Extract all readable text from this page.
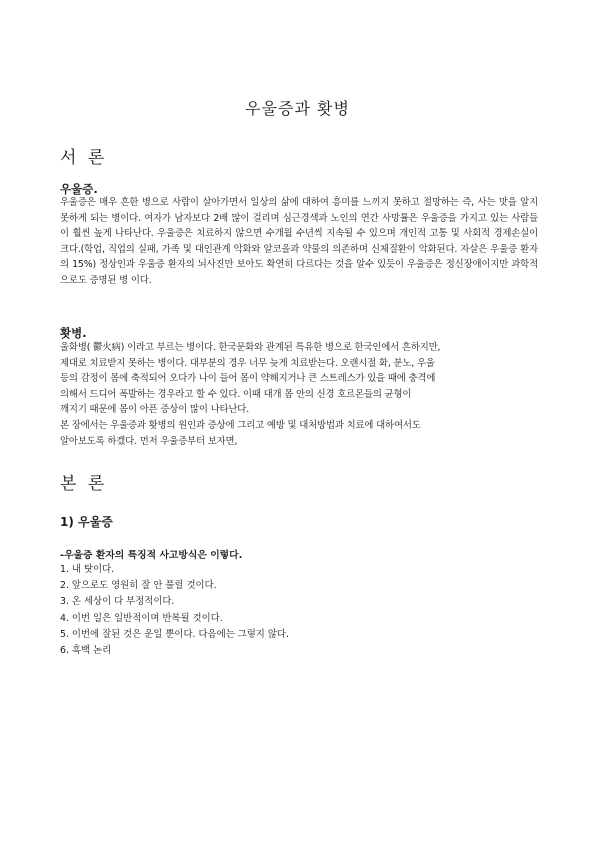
우울증과 홧병
서 론
우울증.

우울증은 매우 흔한 병으로 사람이 살아가면서 일상의 삶에 대하여 흥미를 느끼지 못하고 절망하는 즉, 사는 맛을 알지 못하게 되는 병이다. 여자가 남자보다 2배 많이 걸리며 심근경색과 노인의 연간 사망률은 우울증을 가지고 있는 사람들이 훨씬 높게 나타난다. 우울증은 치료하지 않으면 수개월 수년씩 지속될 수 있으며 개인적 고통 및 사회적 경제손실이 크다.(학업, 직업의 실패, 가족 및 대인관계 악화와 알코올과 약물의 의존하며 신체질환이 악화된다. 자살은 우울증 환자의 15%) 정상인과 우울증 환자의 뇌사진만 보아도 확연히 다르다는 것을 알수 있듯이 우울증은 정신장애이지만 과학적으로도 증명된 병 이다.

홧병.
울화병( 鬱火病) 이라고 부르는 병이다. 한국문화와 관계된 특유한 병으로 한국인에서 흔하지만,
제대로 치료받지 못하는 병이다. 대부분의 경우 너무 늦게 치료받는다. 오랜시절 화, 분노, 우울
등의 감정이 몸에 축적되어 오다가 나이 들어 몸이 약해지거나 큰 스트레스가 있을 때에 충격에
의해서 드디어 폭발하는 경우라고 할 수 있다. 이때 대개 몸 안의 신경 호르몬들의 균형이
깨지기 때문에 몸이 아픈 증상이 많이 나타난다.
본 장에서는 우울증과 홧병의 원인과 증상에 그리고 예방 및 대처방법과 치료에 대하여서도
알아보도록 하겠다. 먼저 우울증부터 보자면,
본 론
1) 우울증
-우울증 환자의 특징적 사고방식은 이렇다.
1. 내 탓이다.
2. 앞으로도 영원히 잘 안 풀릴 것이다.
3. 온 세상이 다 부정적이다.
4. 이번 일은 일반적이며 반복될 것이다.
5. 이번에 잘된 것은 운일 뿐이다. 다음에는 그렇지 않다.
6. 흑백 논리
